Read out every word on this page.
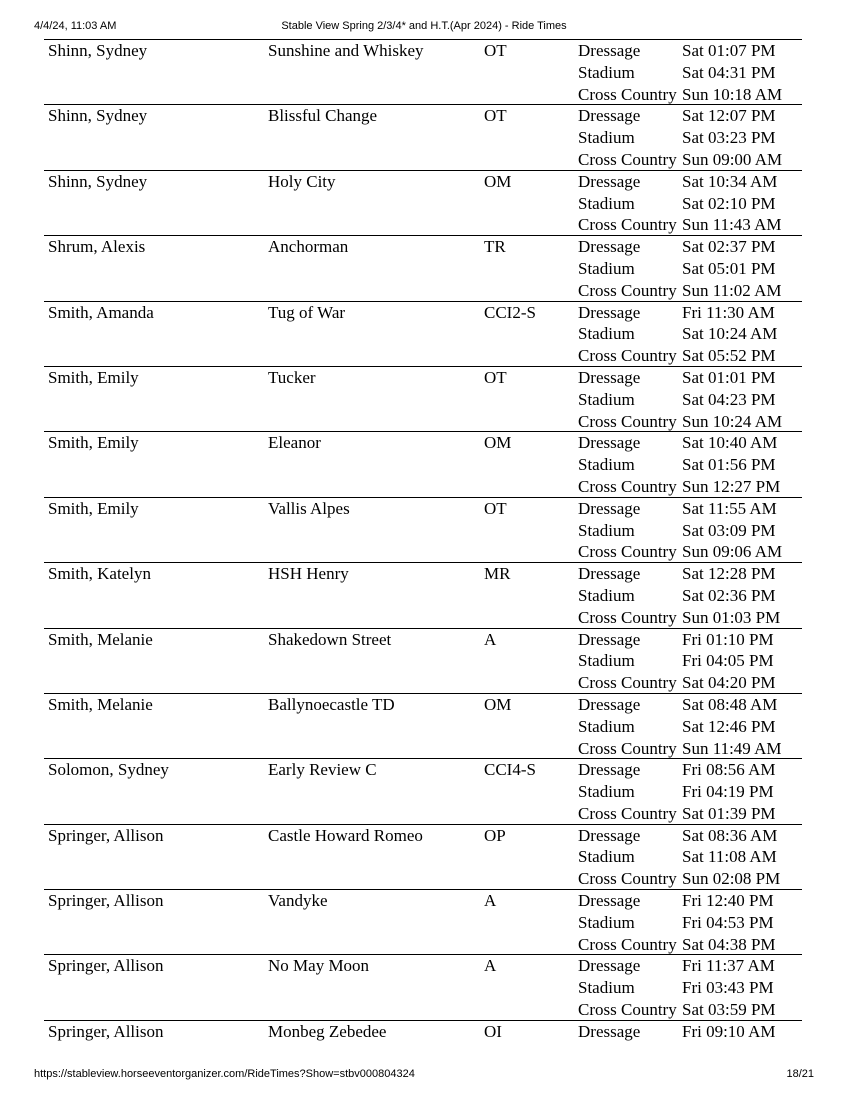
4/4/24, 11:03 AM	Stable View Spring 2/3/4* and H.T.(Apr 2024) - Ride Times
Shinn, Sydney	Sunshine and Whiskey	OT	Dressage Sat 01:07 PM
Stadium	Sat 04:31 PM
Cross Country Sun 10:18 AM
Shinn, Sydney	Blissful Change	OT	Dressage Sat 12:07 PM
Stadium	Sat 03:23 PM
Cross Country Sun 09:00 AM
Shinn, Sydney	Holy City	OM	Dressage Sat 10:34 AM
Stadium	Sat 02:10 PM
Cross Country Sun 11:43 AM
Shrum, Alexis	Anchorman	TR	Dressage Sat 02:37 PM
Stadium	Sat 05:01 PM
Cross Country Sun 11:02 AM
Smith, Amanda	Tug of War	CCI2-S Dressage Fri 11:30 AM
Stadium	Sat 10:24 AM
Cross Country Sat 05:52 PM
Smith, Emily	Tucker	OT	Dressage Sat 01:01 PM
Stadium	Sat 04:23 PM
Cross Country Sun 10:24 AM
Smith, Emily	Eleanor	OM	Dressage Sat 10:40 AM
Stadium	Sat 01:56 PM
Cross Country Sun 12:27 PM
Smith, Emily	Vallis Alpes	OT	Dressage Sat 11:55 AM
Stadium	Sat 03:09 PM
Cross Country Sun 09:06 AM
Smith, Katelyn	HSH Henry	MR	Dressage Sat 12:28 PM
Stadium	Sat 02:36 PM
Cross Country Sun 01:03 PM
Smith, Melanie	Shakedown Street	A	Dressage Fri 01:10 PM
Stadium	Fri 04:05 PM
Cross Country Sat 04:20 PM
Smith, Melanie	Ballynoecastle TD	OM	Dressage Sat 08:48 AM
Stadium	Sat 12:46 PM
Cross Country Sun 11:49 AM
Solomon, Sydney	Early Review C	CCI4-S Dressage Fri 08:56 AM
Stadium	Fri 04:19 PM
Cross Country Sat 01:39 PM
Springer, Allison	Castle Howard Romeo	OP	Dressage Sat 08:36 AM
Stadium	Sat 11:08 AM
Cross Country Sun 02:08 PM
Springer, Allison	Vandyke	A	Dressage Fri 12:40 PM
Stadium	Fri 04:53 PM
Cross Country Sat 04:38 PM
Springer, Allison	No May Moon	A	Dressage Fri 11:37 AM
Stadium	Fri 03:43 PM
Cross Country Sat 03:59 PM
Springer, Allison	Monbeg Zebedee	OI	Dressage Fri 09:10 AM
https://stableview.horseeventorganizer.com/RideTimes?Show=stbv000804324	18/21
